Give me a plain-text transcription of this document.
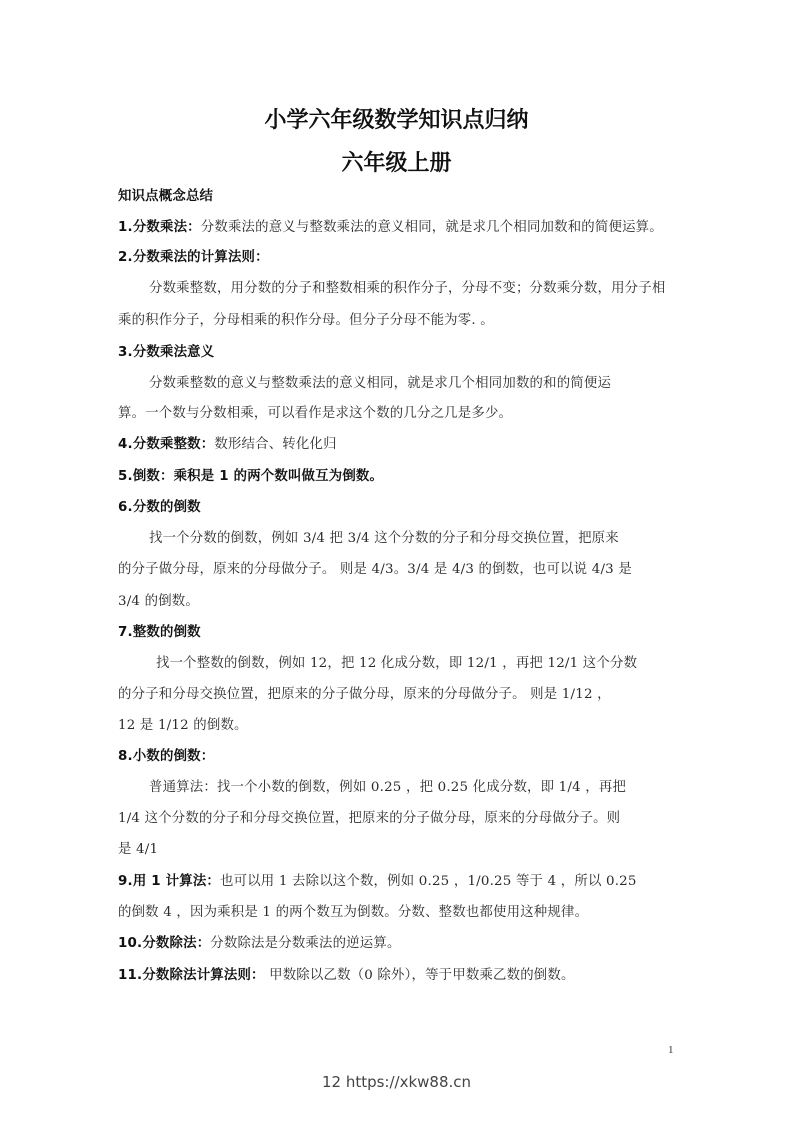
小学六年级数学知识点归纳
六年级上册
知识点概念总结
1.分数乘法：分数乘法的意义与整数乘法的意义相同，就是求几个相同加数和的简便运算。
2.分数乘法的计算法则：
分数乘整数，用分数的分子和整数相乘的积作分子，分母不变；分数乘分数，用分子相
乘的积作分子，分母相乘的积作分母。但分子分母不能为零. 。
3.分数乘法意义
分数乘整数的意义与整数乘法的意义相同，就是求几个相同加数的和的简便运
算。一个数与分数相乘，可以看作是求这个数的几分之几是多少。
4.分数乘整数：数形结合、转化化归
5.倒数：乘积是 1 的两个数叫做互为倒数。
6.分数的倒数
找一个分数的倒数，例如 3/4 把 3/4 这个分数的分子和分母交换位置，把原来
的分子做分母，原来的分母做分子。 则是 4/3。3/4 是 4/3 的倒数，也可以说 4/3 是
3/4 的倒数。
7.整数的倒数
找一个整数的倒数，例如 12，把 12 化成分数，即 12/1 ，再把 12/1 这个分数
的分子和分母交换位置，把原来的分子做分母，原来的分母做分子。 则是 1/12 ，
12 是 1/12 的倒数。
8.小数的倒数：
普通算法：找一个小数的倒数，例如 0.25 ，把 0.25 化成分数，即 1/4 ，再把
1/4 这个分数的分子和分母交换位置，把原来的分子做分母，原来的分母做分子。则
是 4/1
9.用 1 计算法：也可以用 1 去除以这个数，例如 0.25 ，1/0.25 等于 4 ，所以 0.25
的倒数 4 ，因为乘积是 1 的两个数互为倒数。分数、整数也都使用这种规律。
10.分数除法：分数除法是分数乘法的逆运算。
11.分数除法计算法则： 甲数除以乙数（0 除外），等于甲数乘乙数的倒数。
1
12 https://xkw88.cn
